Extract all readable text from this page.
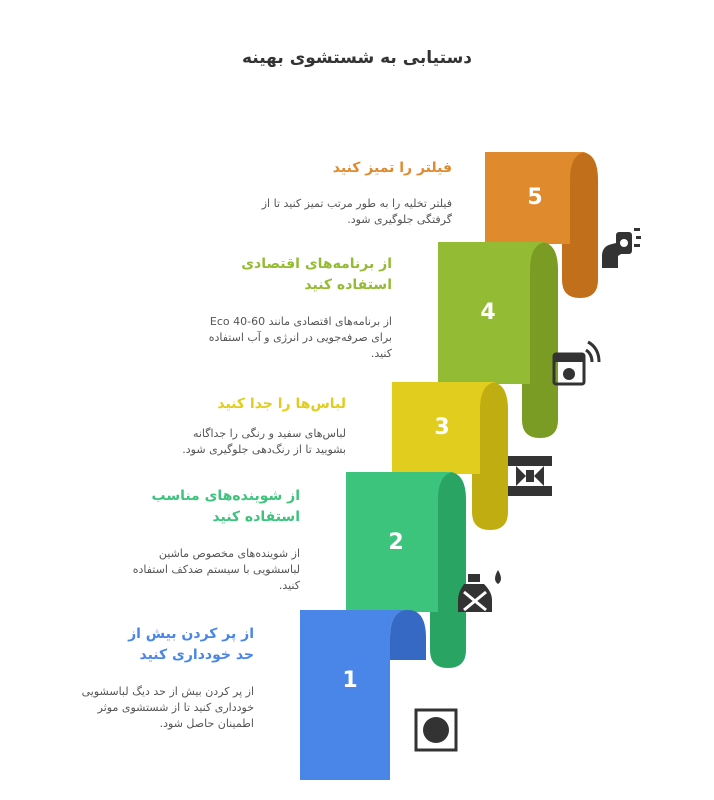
دستیابی به شستشوی بهینه
5
4
3
2
1
فیلتر را تمیز کنید
فیلتر تخلیه را به طور مرتب تمیز کنید تا از گرفتگی جلوگیری شود.
از برنامه‌های اقتصادی استفاده کنید
از برنامه‌های اقتصادی مانند Eco 40-60 برای صرفه‌جویی در انرژی و آب استفاده کنید.
لباس‌ها را جدا کنید
لباس‌های سفید و رنگی را جداگانه بشویید تا از رنگ‌دهی جلوگیری شود.
از شوینده‌های مناسب استفاده کنید
از شوینده‌های مخصوص ماشین لباسشویی با سیستم ضدکف استفاده کنید.
از پر کردن بیش از حد خودداری کنید
از پر کردن بیش از حد دیگ لباسشویی خودداری کنید تا از شستشوی موثر اطمینان حاصل شود.
